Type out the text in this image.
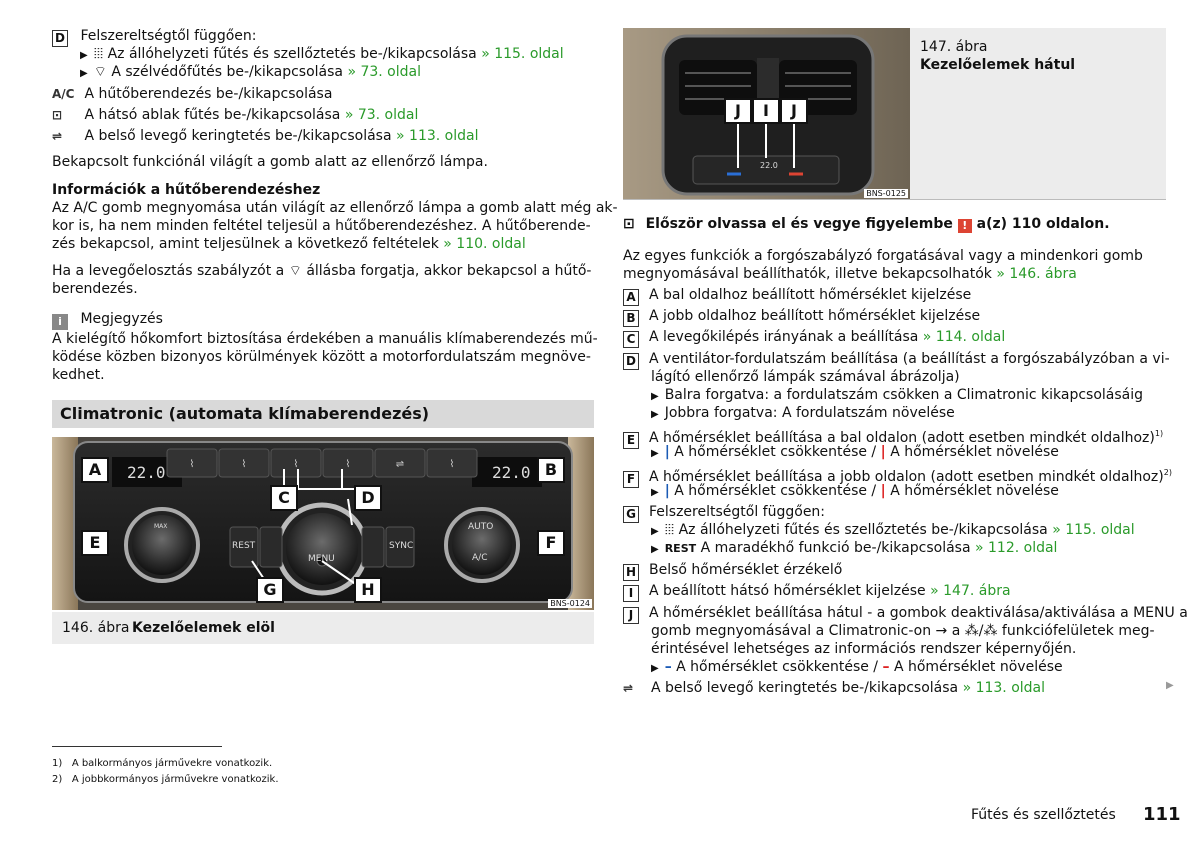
D Felszereltségtől függően:
▶ ⦙⦙⦙ Az állóhelyzeti fűtés és szellőztetés be-/kikapcsolása » 115. oldal
▶ ⌔ A szélvédőfűtés be-/kikapcsolása » 73. oldal
A/C A hűtőberendezés be-/kikapcsolása
⊡ A hátsó ablak fűtés be-/kikapcsolása » 73. oldal
⇌ A belső levegő keringtetés be-/kikapcsolása » 113. oldal
Bekapcsolt funkciónál világít a gomb alatt az ellenőrző lámpa.
Információk a hűtőberendezéshez
Az A/C gomb megnyomása után világít az ellenőrző lámpa a gomb alatt még ak-
kor is, ha nem minden feltétel teljesül a hűtőberendezéshez. A hűtőberende-
zés bekapcsol, amint teljesülnek a következő feltételek » 110. oldal
Ha a levegőelosztás szabályzót a ⌔ állásba forgatja, akkor bekapcsol a hűtő-
berendezés.
i Megjegyzés
A kielégítő hőkomfort biztosítása érdekében a manuális klímaberendezés mű-
ködése közben bizonyos körülmények között a motorfordulatszám megnöve-
kedhet.
Climatronic (automata klímaberendezés)
⌇	⌇	⌇	⌇	⇌	⌇
22.0	22.0
MAX
REST
MENU
SYNC
AUTO
A/C
A	B
C	D
E	F
G	H
BNS-0124
146. ábra Kezelőelemek elöl
1) A balkormányos járművekre vonatkozik.
2) A jobbkormányos járművekre vonatkozik.
22.0
J	I	J
BNS-0125
147. ábra
Kezelőelemek hátul
⊡ Először olvassa el és vegye figyelembe ! a(z) 110 oldalon.
Az egyes funkciók a forgószabályzó forgatásával vagy a mindenkori gomb
megnyomásával beállíthatók, illetve bekapcsolhatók » 146. ábra
A A bal oldalhoz beállított hőmérséklet kijelzése
B A jobb oldalhoz beállított hőmérséklet kijelzése
C A levegőkilépés irányának a beállítása » 114. oldal
D A ventilátor-fordulatszám beállítása (a beállítást a forgószabályzóban a vi-
lágító ellenőrző lámpák számával ábrázolja)
▶ Balra forgatva: a fordulatszám csökken a Climatronic kikapcsolásáig
▶ Jobbra forgatva: A fordulatszám növelése
E A hőmérséklet beállítása a bal oldalon (adott esetben mindkét oldalhoz)$^{1)}$
▶ | A hőmérséklet csökkentése / | A hőmérséklet növelése
F A hőmérséklet beállítása a jobb oldalon (adott esetben mindkét oldalhoz)$^{2)}$
▶ | A hőmérséklet csökkentése / | A hőmérséklet növelése
G Felszereltségtől függően:
▶ ⦙⦙⦙ Az állóhelyzeti fűtés és szellőztetés be-/kikapcsolása » 115. oldal
▶ REST A maradékhő funkció be-/kikapcsolása » 112. oldal
H Belső hőmérséklet érzékelő
I A beállított hátsó hőmérséklet kijelzése » 147. ábra
J A hőmérséklet beállítása hátul - a gombok deaktiválása/aktiválása a MENU a
gomb megnyomásával a Climatronic-on → a ⁂/⁂ funkciófelületek meg-
érintésével lehetséges az információs rendszer képernyőjén.
▶ – A hőmérséklet csökkentése / – A hőmérséklet növelése
⇌ A belső levegő keringtetés be-/kikapcsolása » 113. oldal	▶
Fűtés és szellőztetés 111
